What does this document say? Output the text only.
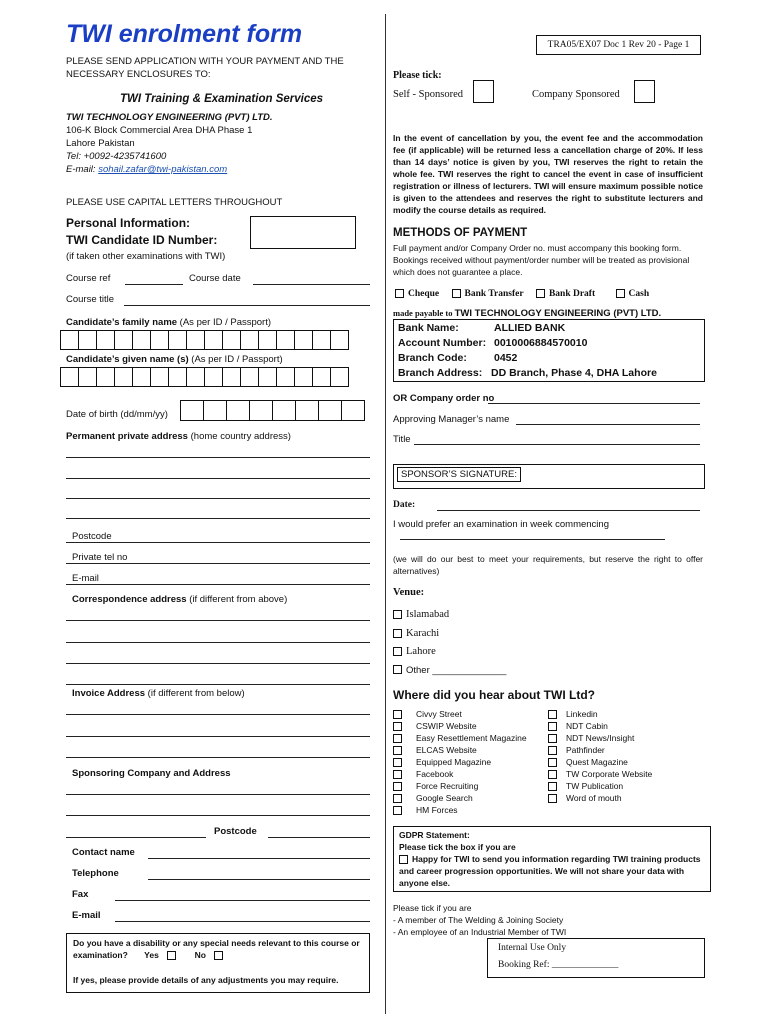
TWI enrolment form
PLEASE SEND APPLICATION WITH YOUR PAYMENT AND THE
NECESSARY ENCLOSURES TO:
TWI Training & Examination Services
TWI TECHNOLOGY ENGINEERING (PVT) LTD.
106-K Block Commercial Area DHA Phase 1
Lahore Pakistan
Tel: +0092-4235741600
E-mail: sohail.zafar@twi-pakistan.com
PLEASE USE CAPITAL LETTERS THROUGHOUT
Personal Information:
TWI Candidate ID Number:
(if taken other examinations with TWI)
Course ref	Course date
Course title
Candidate’s family name (As per ID / Passport)
Candidate’s given name (s) (As per ID / Passport)
Date of birth (dd/mm/yy)
Permanent private address (home country address)
Postcode
Private tel no
E-mail
Correspondence address (if different from above)
Invoice Address (if different from below)
Sponsoring Company and Address
Postcode
Contact name
Telephone
Fax
E-mail
Do you have a disability or any special needs relevant to this course or
examination? Yes	No
If yes, please provide details of any adjustments you may require.
TRA05/EX07 Doc 1 Rev 20 - Page 1
Please tick:
Self - Sponsored	Company Sponsored
In the event of cancellation by you, the event fee and the accommodation fee (if applicable) will be returned less a cancellation charge of 20%. If less than 14 days’ notice is given by you, TWI reserves the right to retain the whole fee. TWI reserves the right to cancel the event in case of insufficient registration or illness of lecturers. TWI will ensure maximum possible notice is given to the attendees and reserves the right to substitute lecturers and modify the course details as required.
METHODS OF PAYMENT
Full payment and/or Company Order no. must accompany this booking form. Bookings received without payment/order number will be treated as provisional which does not guarantee a place.
Cheque	Bank Transfer	Bank Draft	Cash
made payable to TWI TECHNOLOGY ENGINEERING (PVT) LTD.
Bank Name:	ALLIED BANK
Account Number: 0010006884570010
Branch Code:	0452
Branch Address: DD Branch, Phase 4, DHA Lahore
OR Company order no
Approving Manager’s name
Title
SPONSOR’S SIGNATURE:
Date:
I would prefer an examination in week commencing
(we will do our best to meet your requirements, but reserve the right to offer alternatives)
Venue:
Islamabad
Karachi
Lahore
Other ______________
Where did you hear about TWI Ltd?
Civvy Street
CSWIP Website
Easy Resettlement Magazine
ELCAS Website
Equipped Magazine
Facebook
Force Recruiting
Google Search
HM Forces
Linkedin
NDT Cabin
NDT News/Insight
Pathfinder
Quest Magazine
TW Corporate Website
TW Publication
Word of mouth
GDPR Statement:
Please tick the box if you are
Happy for TWI to send you information regarding TWI training products and career progression opportunities. We will not share your data with anyone else.
Please tick if you are
- A member of The Welding & Joining Society
- An employee of an Industrial Member of TWI
Internal Use Only
Booking Ref: ______________
